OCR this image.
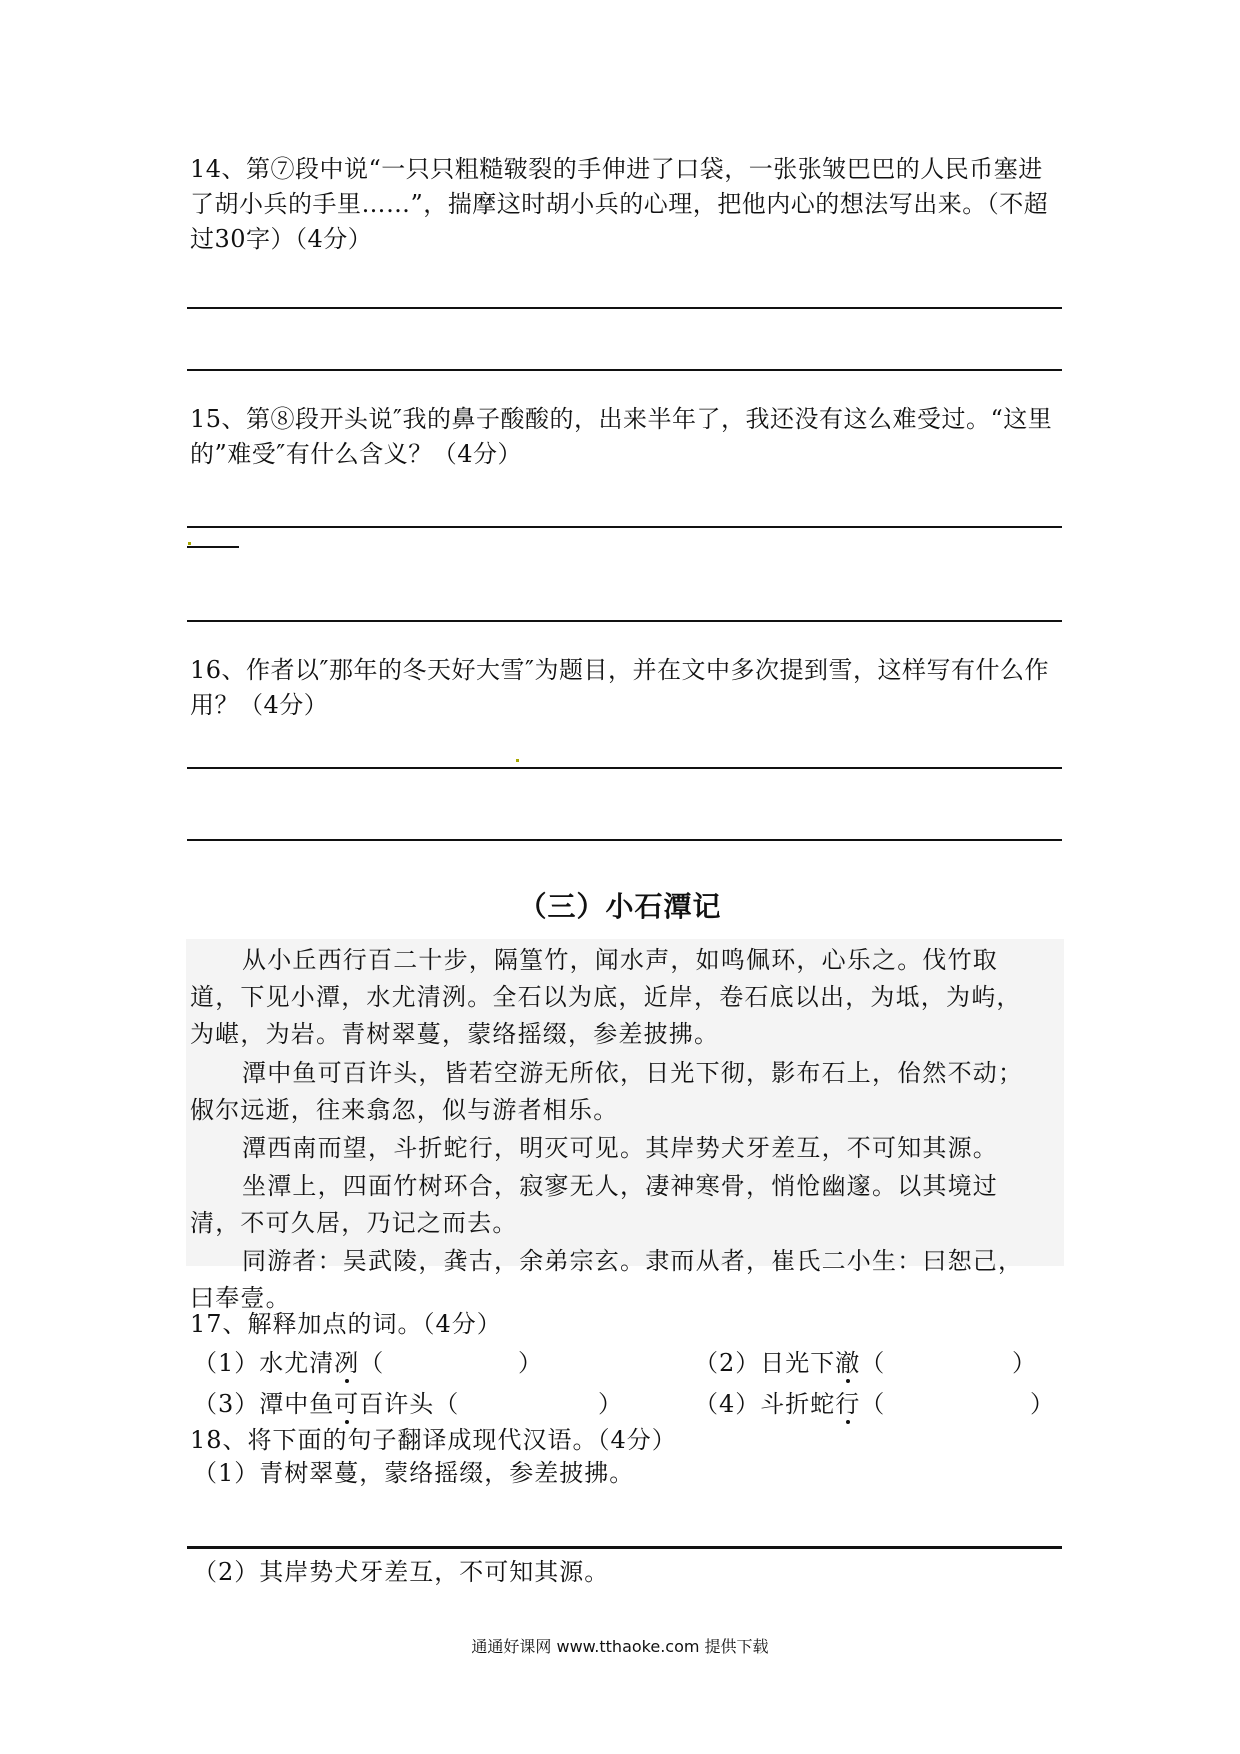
14、第⑦段中说“一只只粗糙皲裂的手伸进了口袋，一张张皱巴巴的人民币塞进了胡小兵的手里……”，揣摩这时胡小兵的心理，把他内心的想法写出来。（不超过30字）（4分）

15、第⑧段开头说″我的鼻子酸酸的，出来半年了，我还没有这么难受过。“这里的”难受″有什么含义？（4分）

16、作者以″那年的冬天好大雪″为题目，并在文中多次提到雪，这样写有什么作用？（4分）

（三）小石潭记

从小丘西行百二十步，隔篁竹，闻水声，如鸣佩环，心乐之。伐竹取

道，下见小潭，水尤清洌。全石以为底，近岸，卷石底以出，为坻，为屿，

为嵁，为岩。青树翠蔓，蒙络摇缀，参差披拂。

潭中鱼可百许头，皆若空游无所依，日光下彻，影布石上，佁然不动；

俶尔远逝，往来翕忽，似与游者相乐。

潭西南而望，斗折蛇行，明灭可见。其岸势犬牙差互，不可知其源。

坐潭上，四面竹树环合，寂寥无人，凄神寒骨，悄怆幽邃。以其境过

清，不可久居，乃记之而去。

同游者：吴武陵，龚古，余弟宗玄。隶而从者，崔氏二小生：曰恕己，

曰奉壹。

17、解释加点的词。（4分）

（1）水尤清冽（	）	（2）日光下澈（	）

（3）潭中鱼可百许头（	）	（4）斗折蛇行（	）

18、将下面的句子翻译成现代汉语。（4分）

（1）青树翠蔓，蒙络摇缀，参差披拂。

（2）其岸势犬牙差互，不可知其源。

通通好课网 www.tthaoke.com 提供下载
